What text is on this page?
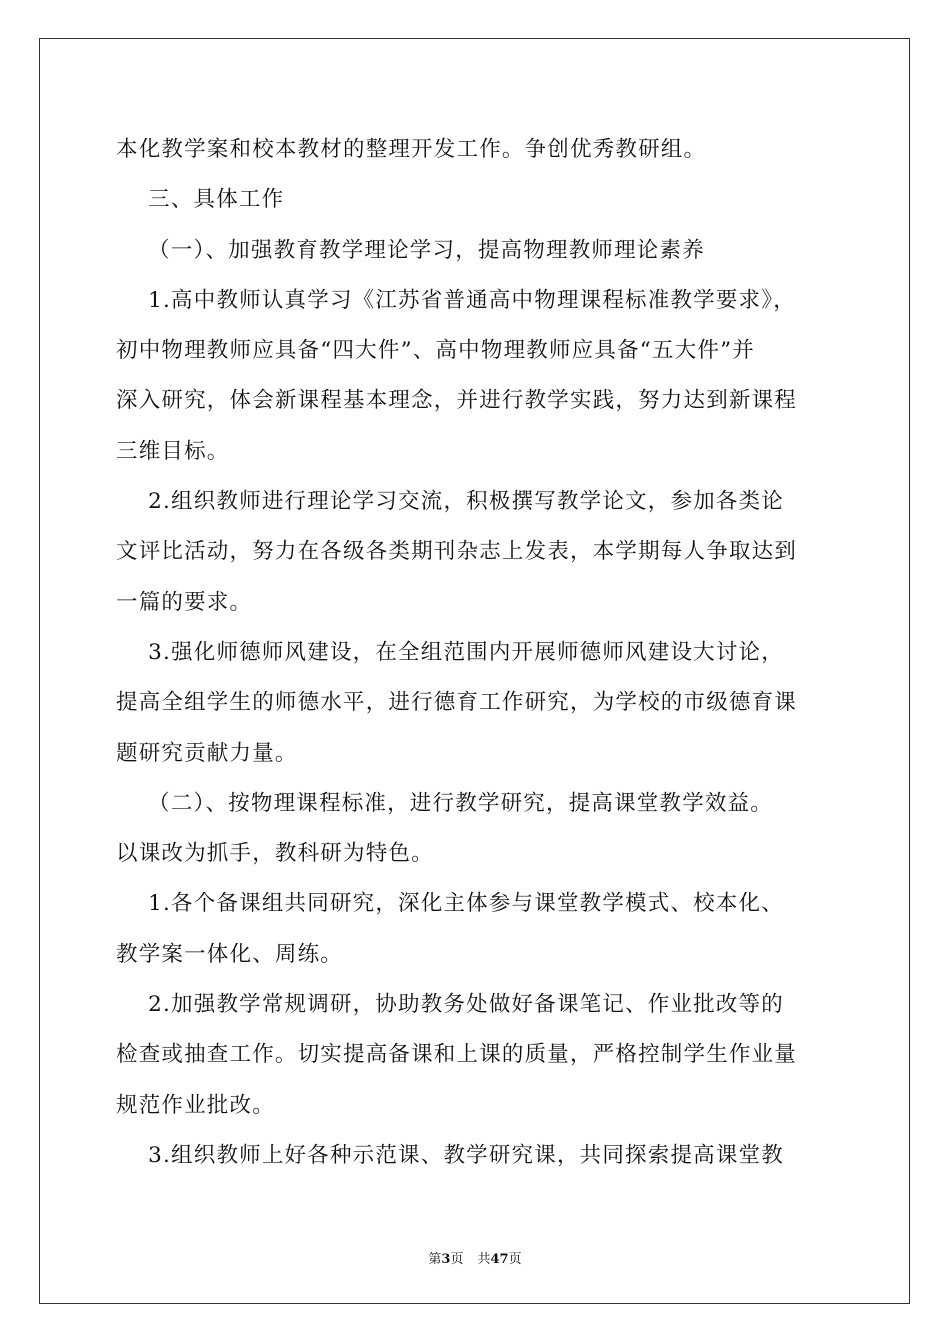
本化教学案和校本教材的整理开发工作。争创优秀教研组。
三、具体工作
（一）、加强教育教学理论学习，提高物理教师理论素养
1.高中教师认真学习《江苏省普通高中物理课程标准教学要求》，
初中物理教师应具备“四大件”、高中物理教师应具备“五大件”并
深入研究，体会新课程基本理念，并进行教学实践，努力达到新课程
三维目标。
2.组织教师进行理论学习交流，积极撰写教学论文，参加各类论
文评比活动，努力在各级各类期刊杂志上发表，本学期每人争取达到
一篇的要求。
3.强化师德师风建设，在全组范围内开展师德师风建设大讨论，
提高全组学生的师德水平，进行德育工作研究，为学校的市级德育课
题研究贡献力量。
（二）、按物理课程标准，进行教学研究，提高课堂教学效益。
以课改为抓手，教科研为特色。
1.各个备课组共同研究，深化主体参与课堂教学模式、校本化、
教学案一体化、周练。
2.加强教学常规调研，协助教务处做好备课笔记、作业批改等的
检查或抽查工作。切实提高备课和上课的质量，严格控制学生作业量
规范作业批改。
3.组织教师上好各种示范课、教学研究课，共同探索提高课堂教
第3页 共47页
